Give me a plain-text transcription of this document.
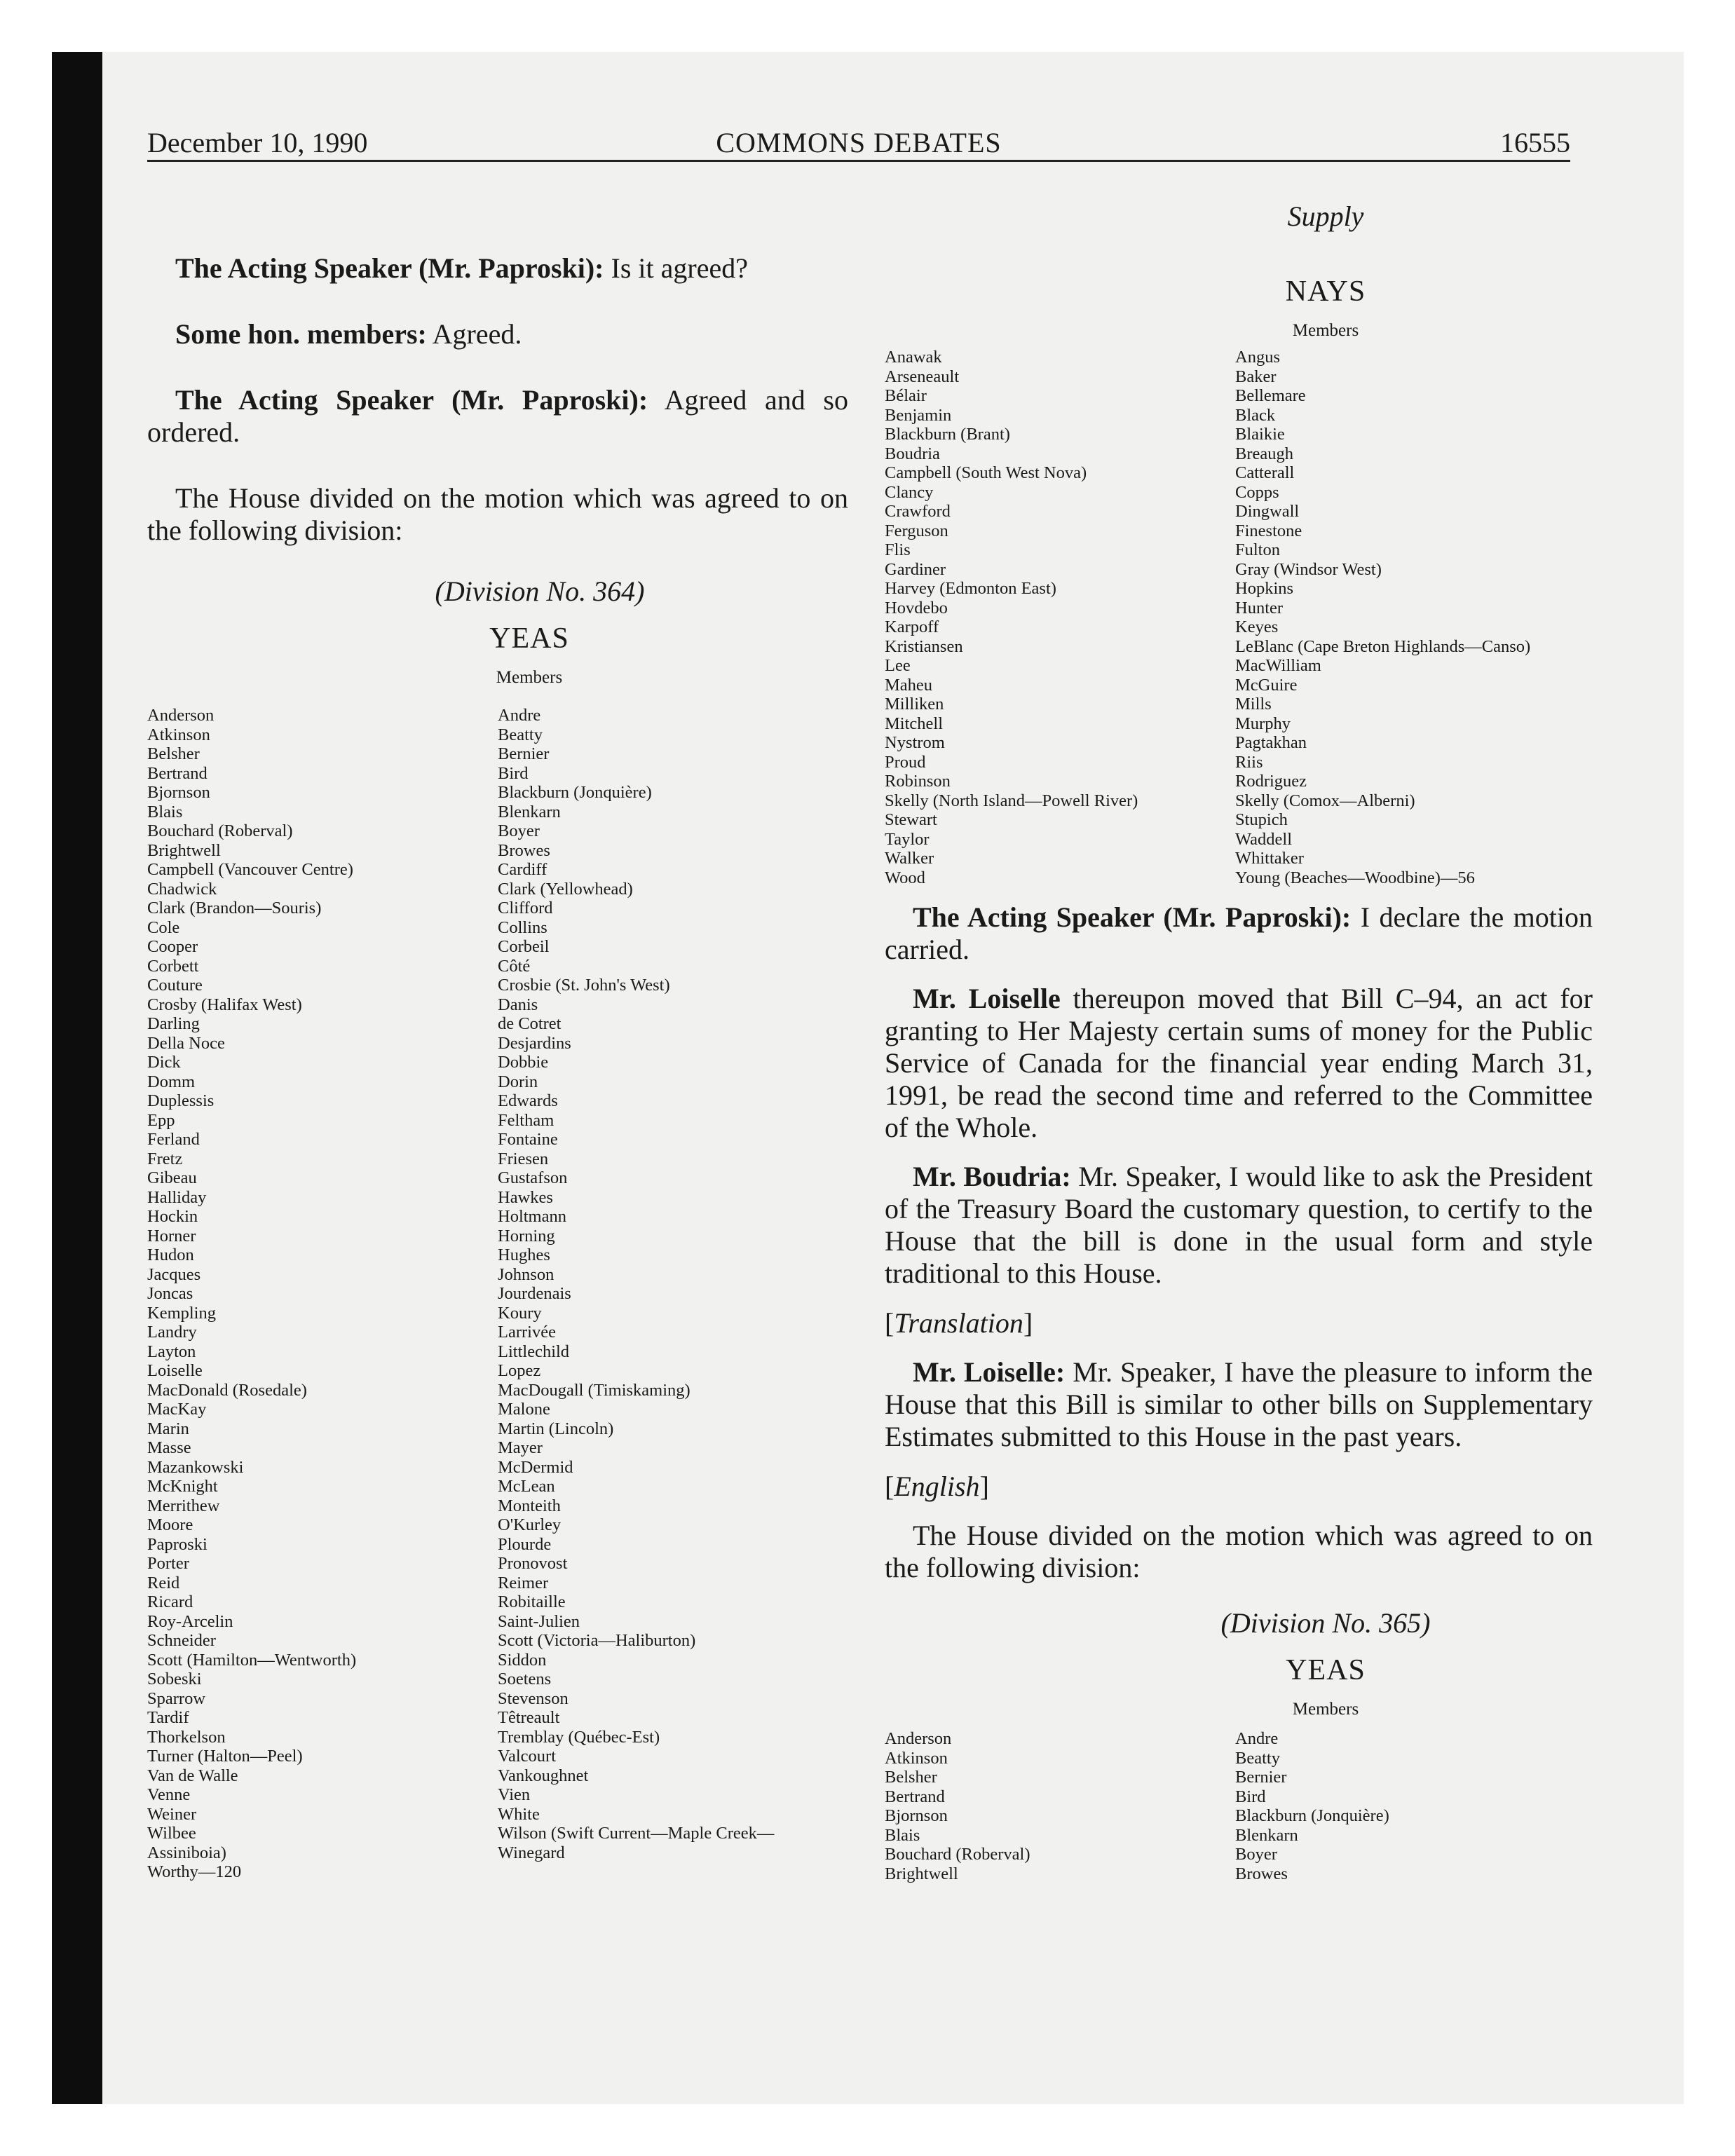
December 10, 1990	COMMONS DEBATES	16555

The Acting Speaker (Mr. Paproski): Is it agreed?

Some hon. members: Agreed.

The Acting Speaker (Mr. Paproski): Agreed and so ordered.

The House divided on the motion which was agreed to on the following division:

(Division No. 364)
YEAS
Members
Anderson
Atkinson
Belsher
Bertrand
Bjornson
Blais
Bouchard (Roberval)
Brightwell
Campbell (Vancouver Centre)
Chadwick
Clark (Brandon—Souris)
Cole
Cooper
Corbett
Couture
Crosby (Halifax West)
Darling
Della Noce
Dick
Domm
Duplessis
Epp
Ferland
Fretz
Gibeau
Halliday
Hockin
Horner
Hudon
Jacques
Joncas
Kempling
Landry
Layton
Loiselle
MacDonald (Rosedale)
MacKay
Marin
Masse
Mazankowski
McKnight
Merrithew
Moore
Paproski
Porter
Reid
Ricard
Roy-Arcelin
Schneider
Scott (Hamilton—Wentworth)
Sobeski
Sparrow
Tardif
Thorkelson
Turner (Halton—Peel)
Van de Walle
Venne
Weiner
Wilbee
Assiniboia)
Worthy—120
Andre
Beatty
Bernier
Bird
Blackburn (Jonquière)
Blenkarn
Boyer
Browes
Cardiff
Clark (Yellowhead)
Clifford
Collins
Corbeil
Côté
Crosbie (St. John's West)
Danis
de Cotret
Desjardins
Dobbie
Dorin
Edwards
Feltham
Fontaine
Friesen
Gustafson
Hawkes
Holtmann
Horning
Hughes
Johnson
Jourdenais
Koury
Larrivée
Littlechild
Lopez
MacDougall (Timiskaming)
Malone
Martin (Lincoln)
Mayer
McDermid
McLean
Monteith
O'Kurley
Plourde
Pronovost
Reimer
Robitaille
Saint-Julien
Scott (Victoria—Haliburton)
Siddon
Soetens
Stevenson
Têtreault
Tremblay (Québec-Est)
Valcourt
Vankoughnet
Vien
White
Wilson (Swift Current—Maple Creek—
Winegard
Supply
NAYS
Members
Anawak
Arseneault
Bélair
Benjamin
Blackburn (Brant)
Boudria
Campbell (South West Nova)
Clancy
Crawford
Ferguson
Flis
Gardiner
Harvey (Edmonton East)
Hovdebo
Karpoff
Kristiansen
Lee
Maheu
Milliken
Mitchell
Nystrom
Proud
Robinson
Skelly (North Island—Powell River)
Stewart
Taylor
Walker
Wood
Angus
Baker
Bellemare
Black
Blaikie
Breaugh
Catterall
Copps
Dingwall
Finestone
Fulton
Gray (Windsor West)
Hopkins
Hunter
Keyes
LeBlanc (Cape Breton Highlands—Canso)
MacWilliam
McGuire
Mills
Murphy
Pagtakhan
Riis
Rodriguez
Skelly (Comox—Alberni)
Stupich
Waddell
Whittaker
Young (Beaches—Woodbine)—56

The Acting Speaker (Mr. Paproski): I declare the motion carried.

Mr. Loiselle thereupon moved that Bill C–94, an act for granting to Her Majesty certain sums of money for the Public Service of Canada for the financial year ending March 31, 1991, be read the second time and referred to the Committee of the Whole.

Mr. Boudria: Mr. Speaker, I would like to ask the President of the Treasury Board the customary question, to certify to the House that the bill is done in the usual form and style traditional to this House.

[Translation]

Mr. Loiselle: Mr. Speaker, I have the pleasure to inform the House that this Bill is similar to other bills on Supplementary Estimates submitted to this House in the past years.

[English]

The House divided on the motion which was agreed to on the following division:

(Division No. 365)
YEAS
Members
Anderson
Atkinson
Belsher
Bertrand
Bjornson
Blais
Bouchard (Roberval)
Brightwell
Andre
Beatty
Bernier
Bird
Blackburn (Jonquière)
Blenkarn
Boyer
Browes
